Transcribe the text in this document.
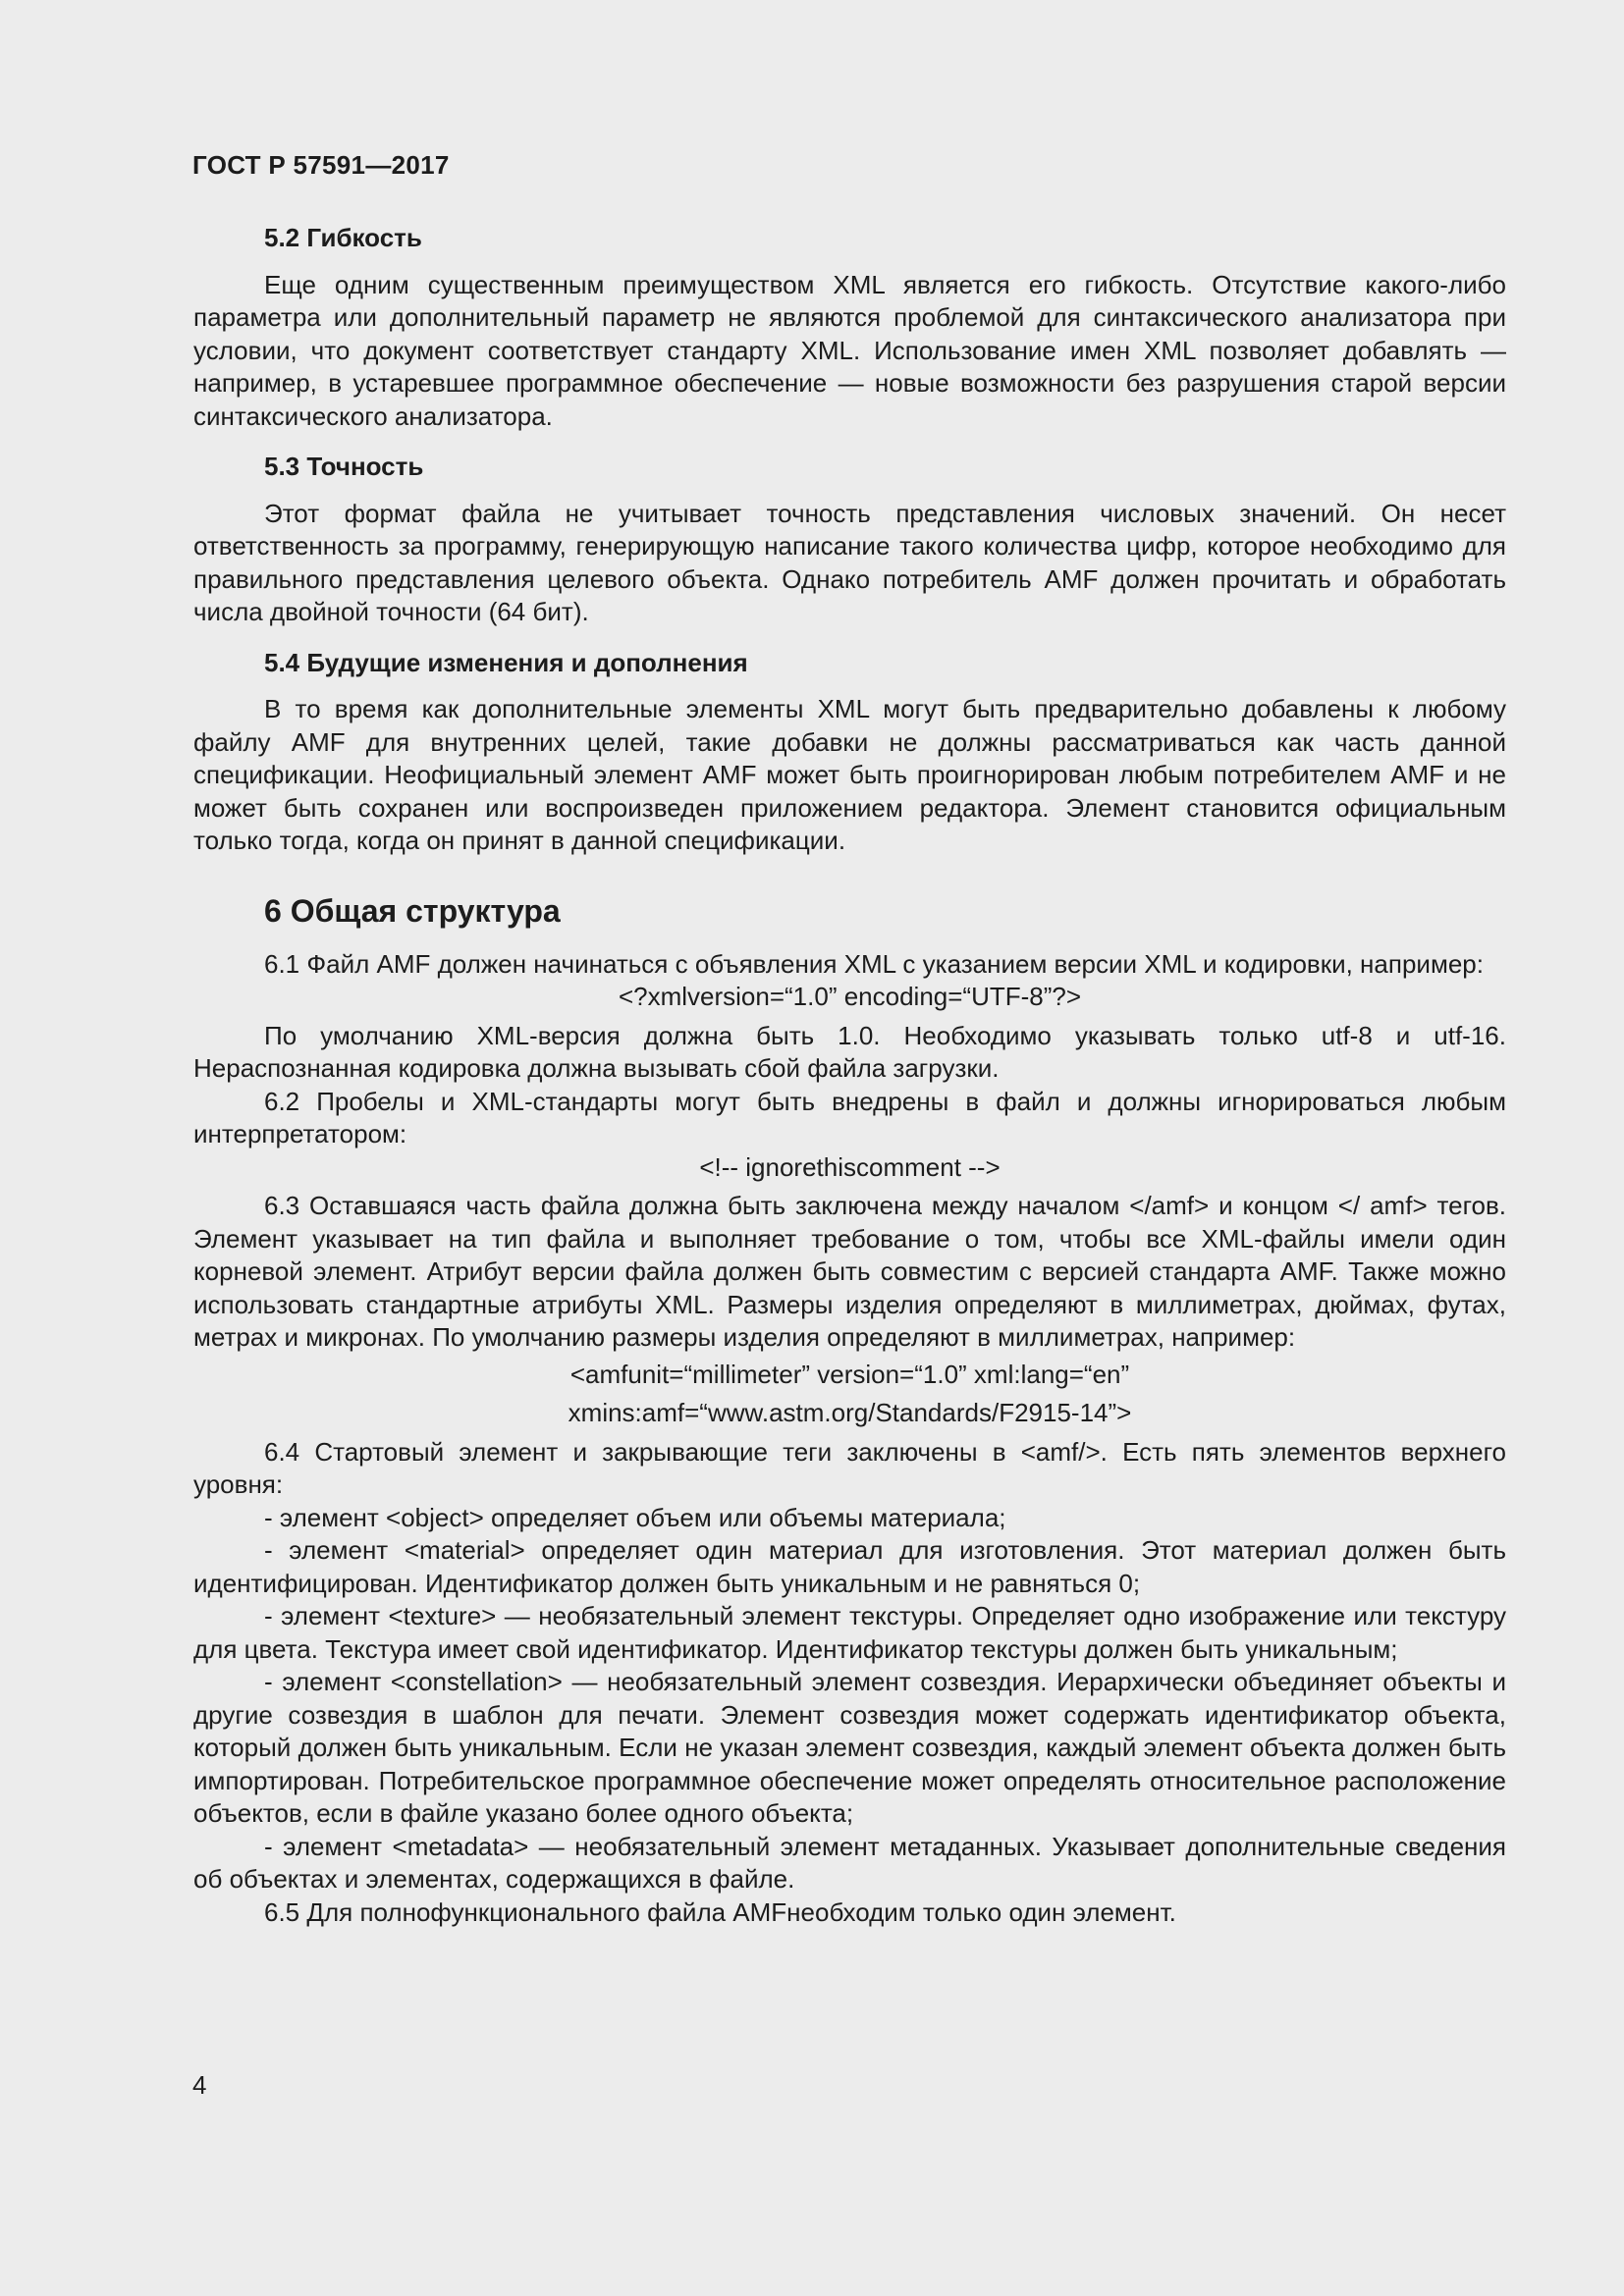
ГОСТ Р 57591—2017

5.2 Гибкость

Еще одним существенным преимуществом XML является его гибкость. Отсутствие какого-либо параметра или дополнительный параметр не являются проблемой для синтаксического анализатора при условии, что документ соответствует стандарту XML. Использование имен XML позволяет добавлять — например, в устаревшее программное обеспечение — новые возможности без разрушения старой версии синтаксического анализатора.

5.3 Точность

Этот формат файла не учитывает точность представления числовых значений. Он несет ответственность за программу, генерирующую написание такого количества цифр, которое необходимо для правильного представления целевого объекта. Однако потребитель AMF должен прочитать и обработать числа двойной точности (64 бит).

5.4 Будущие изменения и дополнения

В то время как дополнительные элементы XML могут быть предварительно добавлены к любому файлу AMF для внутренних целей, такие добавки не должны рассматриваться как часть данной спецификации. Неофициальный элемент AMF может быть проигнорирован любым потребителем AMF и не может быть сохранен или воспроизведен приложением редактора. Элемент становится официальным только тогда, когда он принят в данной спецификации.

6 Общая структура

6.1 Файл AMF должен начинаться с объявления XML с указанием версии XML и кодировки, например:

<?xmlversion=“1.0” encoding=“UTF-8”?>

По умолчанию XML-версия должна быть 1.0. Необходимо указывать только utf-8 и utf-16. Нераспознанная кодировка должна вызывать сбой файла загрузки.

6.2 Пробелы и XML-стандарты могут быть внедрены в файл и должны игнорироваться любым интерпретатором:

<!-- ignorethiscomment -->

6.3 Оставшаяся часть файла должна быть заключена между началом </amf> и концом </ amf> тегов. Элемент указывает на тип файла и выполняет требование о том, чтобы все XML-файлы имели один корневой элемент. Атрибут версии файла должен быть совместим с версией стандарта AMF. Также можно использовать стандартные атрибуты XML. Размеры изделия определяют в миллиметрах, дюймах, футах, метрах и микронах. По умолчанию размеры изделия определяют в миллиметрах, например:

<amfunit=“millimeter” version=“1.0” xml:lang=“en”

xmins:amf=“www.astm.org/Standards/F2915-14”>

6.4 Стартовый элемент и закрывающие теги заключены в <amf/>. Есть пять элементов верхнего уровня:

- элемент <object> определяет объем или объемы материала;

- элемент <material> определяет один материал для изготовления. Этот материал должен быть идентифицирован. Идентификатор должен быть уникальным и не равняться 0;

- элемент <texture> — необязательный элемент текстуры. Определяет одно изображение или текстуру для цвета. Текстура имеет свой идентификатор. Идентификатор текстуры должен быть уникальным;

- элемент <constellation> — необязательный элемент созвездия. Иерархически объединяет объекты и другие созвездия в шаблон для печати. Элемент созвездия может содержать идентификатор объекта, который должен быть уникальным. Если не указан элемент созвездия, каждый элемент объекта должен быть импортирован. Потребительское программное обеспечение может определять относительное расположение объектов, если в файле указано более одного объекта;

- элемент <metadata> — необязательный элемент метаданных. Указывает дополнительные сведения об объектах и элементах, содержащихся в файле.

6.5 Для полнофункционального файла AMFнеобходим только один элемент.

4
